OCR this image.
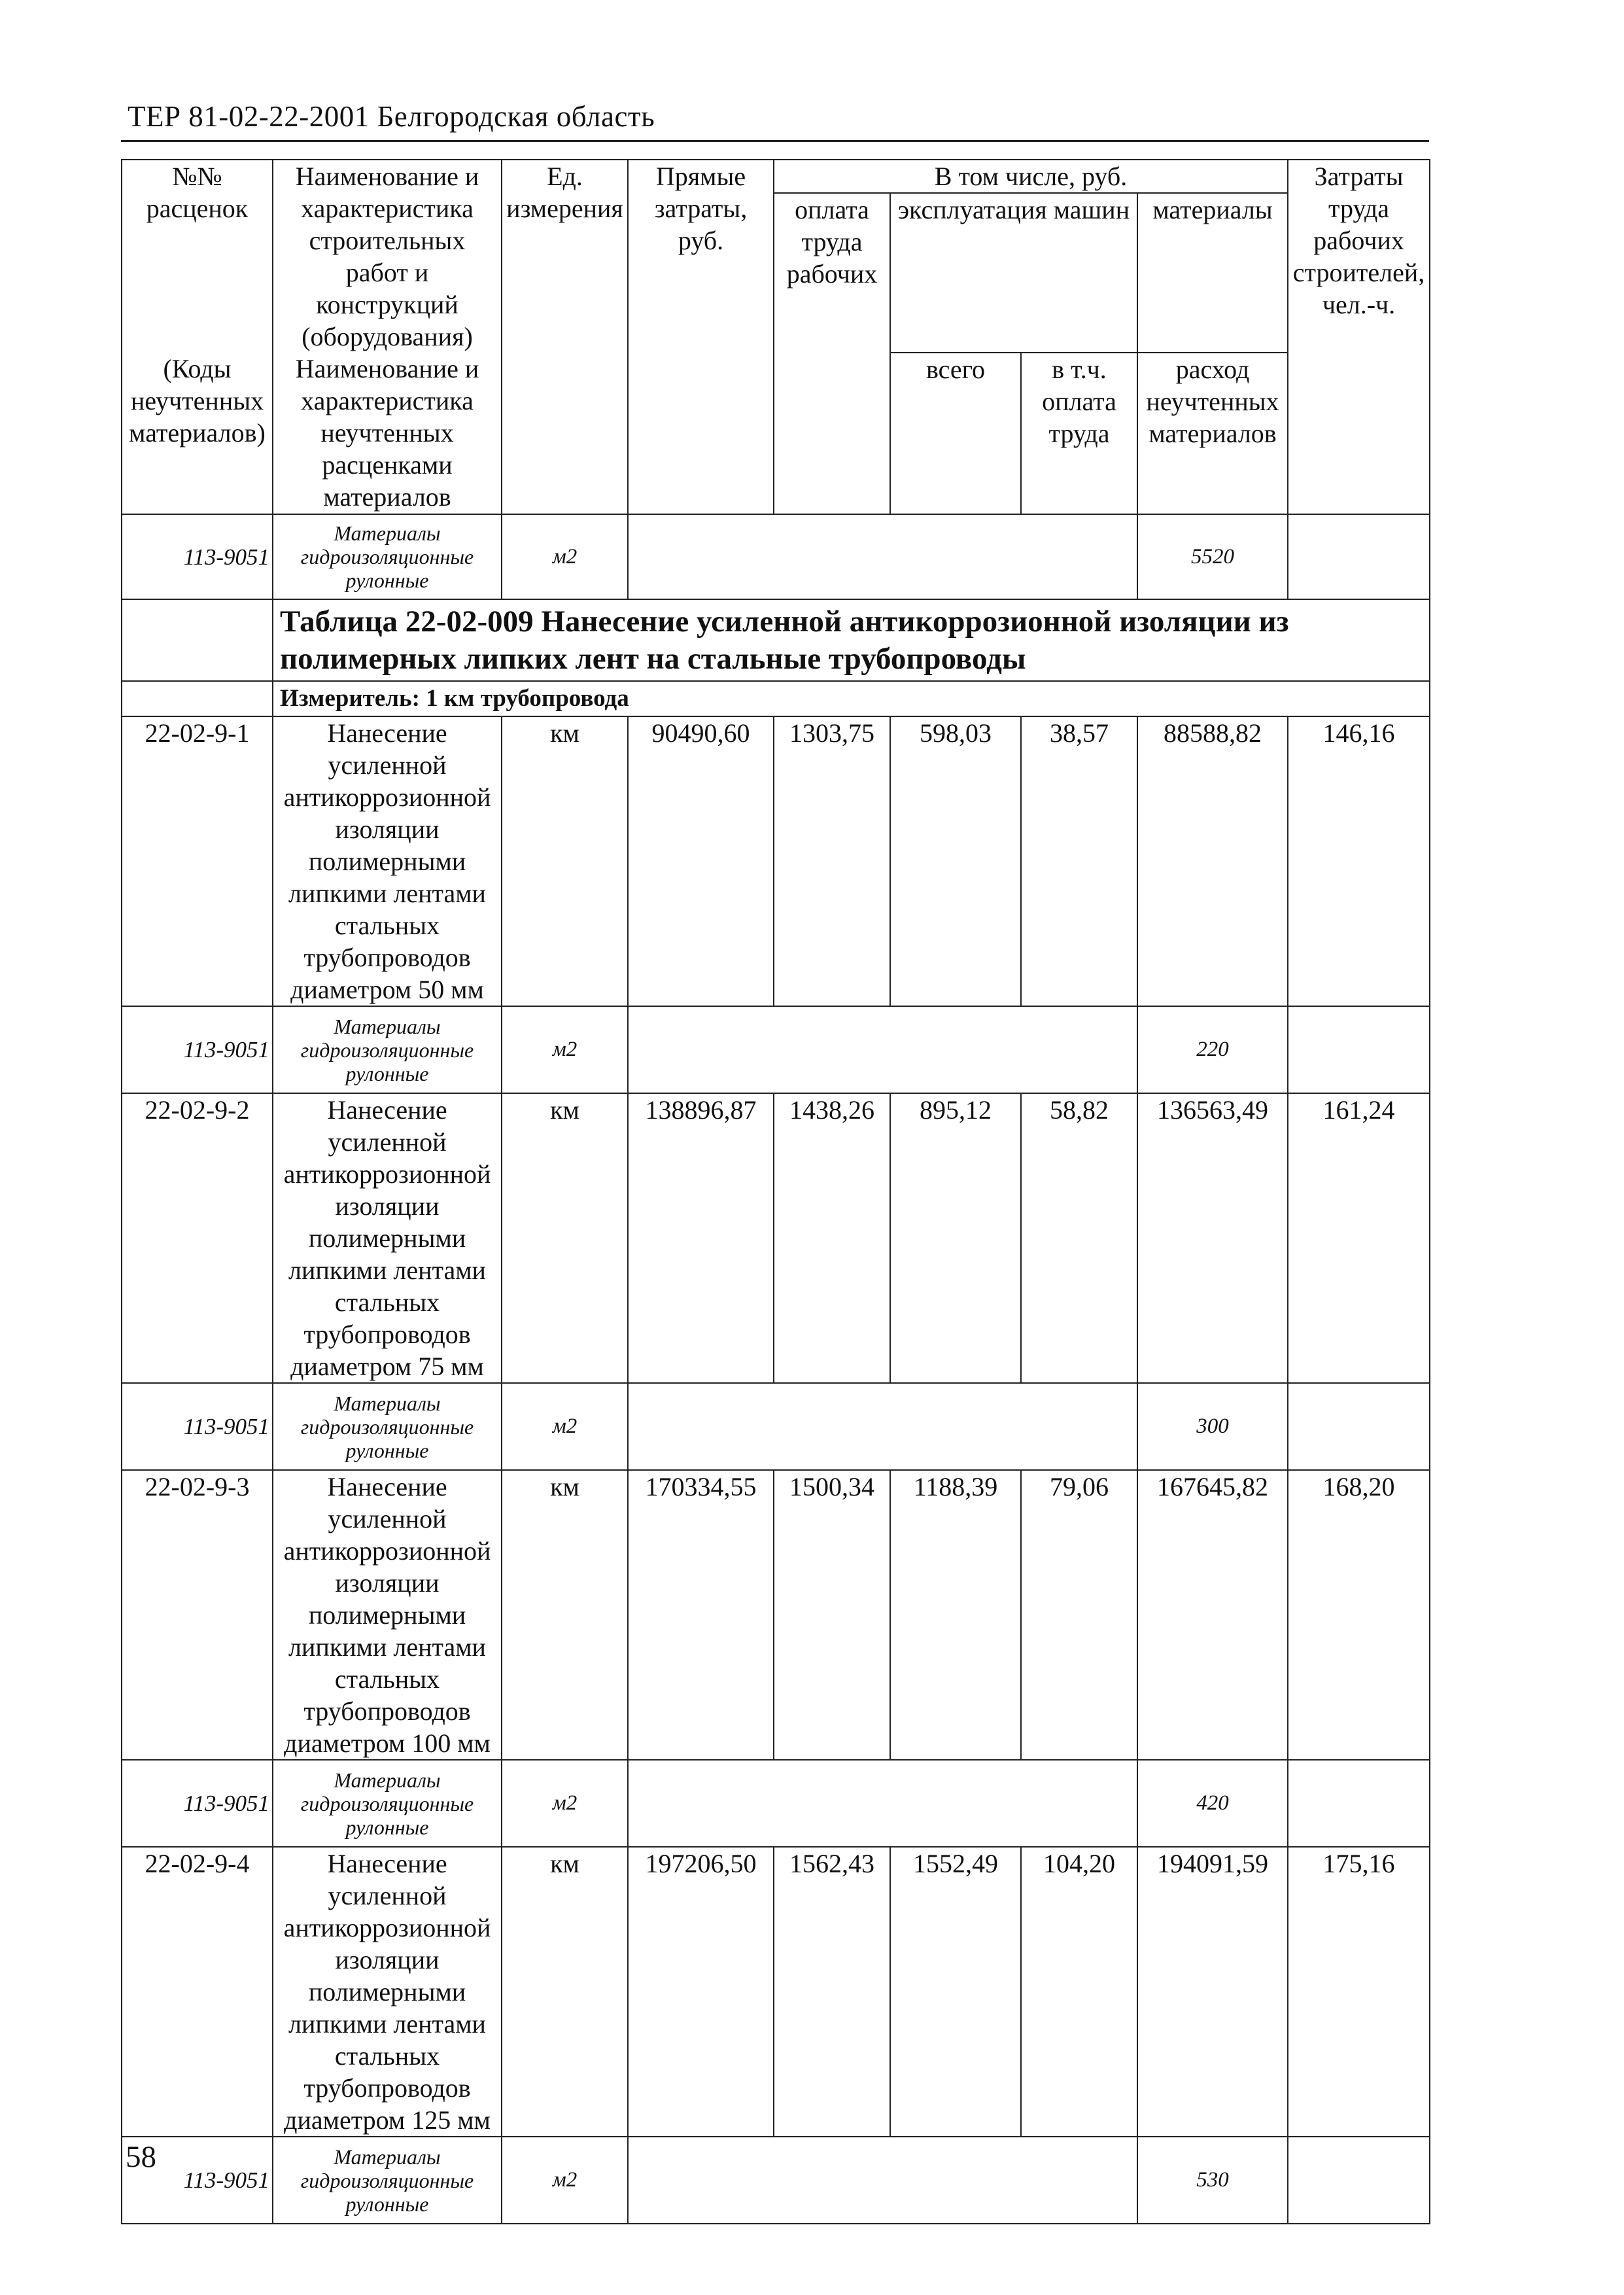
ТЕР 81-02-22-2001 Белгородская область
№№ расценок	Наименование и характеристика строительных работ и конструкций (оборудования)	Ед. измерения	Прямые затраты, руб.	В том числе, руб.				Затраты труда рабочих строителей, чел.-ч.
				оплата труда рабочих	эксплуатация машин		материалы	
(Коды неучтенных материалов)	Наименование и характеристика неучтенных расценками материалов				всего	в т.ч. оплата труда	расход неучтенных материалов	

113-9051	Материалы гидроизоляционные рулонные	м2					5520	
	Таблица 22-02-009 Нанесение усиленной антикоррозионной изоляции из полимерных липких лент на стальные трубопроводы							
	Измеритель: 1 км трубопровода							
22-02-9-1	Нанесение усиленной антикоррозионной изоляции полимерными липкими лентами стальных трубопроводов диаметром 50 мм	км	90490,60	1303,75	598,03	38,57	88588,82	146,16
113-9051	Материалы гидроизоляционные рулонные	м2					220	
22-02-9-2	Нанесение усиленной антикоррозионной изоляции полимерными липкими лентами стальных трубопроводов диаметром 75 мм	км	138896,87	1438,26	895,12	58,82	136563,49	161,24
113-9051	Материалы гидроизоляционные рулонные	м2					300	
22-02-9-3	Нанесение усиленной антикоррозионной изоляции полимерными липкими лентами стальных трубопроводов диаметром 100 мм	км	170334,55	1500,34	1188,39	79,06	167645,82	168,20
113-9051	Материалы гидроизоляционные рулонные	м2					420	
22-02-9-4	Нанесение усиленной антикоррозионной изоляции полимерными липкими лентами стальных трубопроводов диаметром 125 мм	км	197206,50	1562,43	1552,49	104,20	194091,59	175,16
113-9051	Материалы гидроизоляционные рулонные	м2					530	
58
